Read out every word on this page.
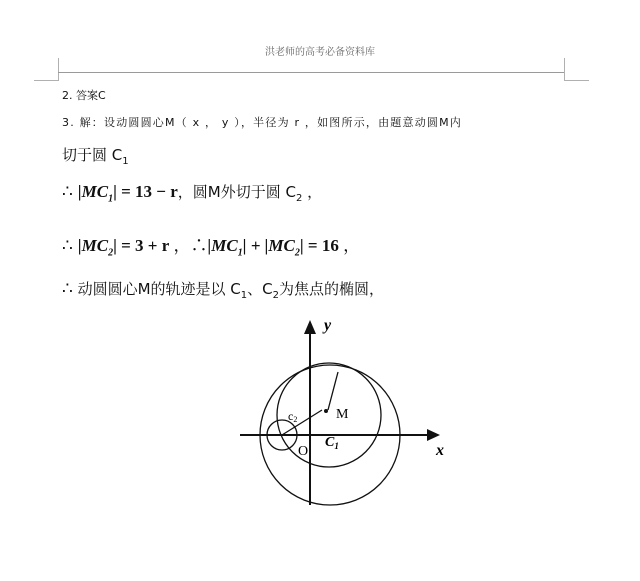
洪老师的高考必备资料库
2. 答案C
3. 解：设动圆圆心M（ x ， y ），半径为 r ，如图所示，由题意动圆M内
切于圆 $C_1$
∴ $|MC_1| = 13 - r$，圆M外切于圆 $C_2$ ，
∴ $|MC_2| = 3 + r$ ，$\therefore|MC_1| + |MC_2| = 16$ ，
∴ 动圆圆心M的轨迹是以 $C_1$、$C_2$为焦点的椭圆，
y
x
M
O
$C_1$
c2
